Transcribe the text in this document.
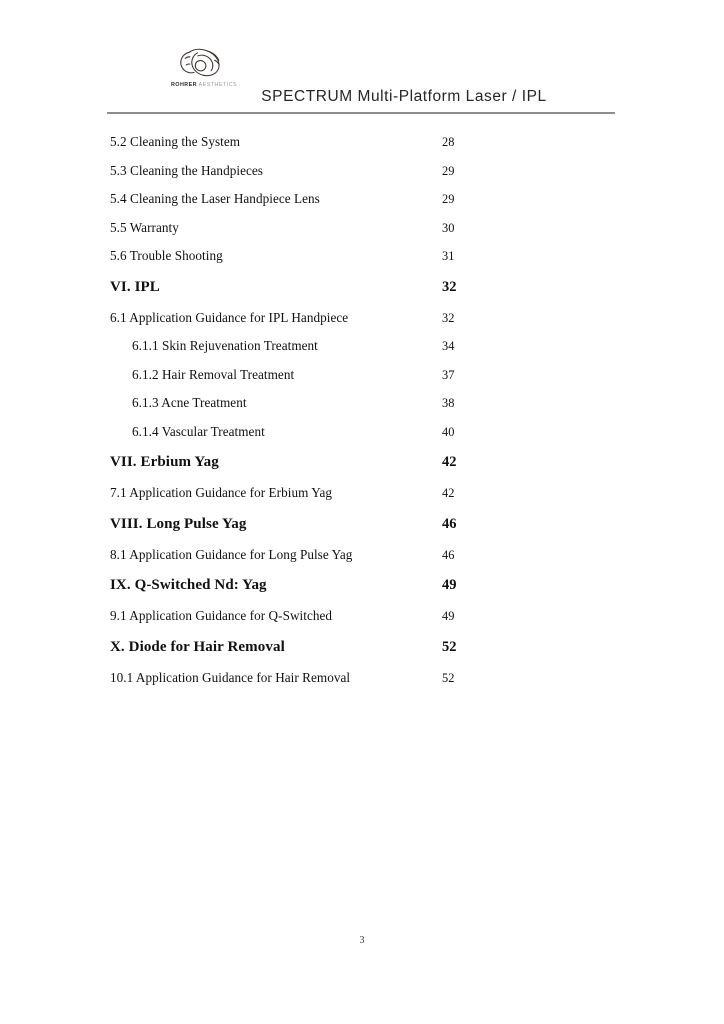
ROHRER AESTHETICS
SPECTRUM Multi-Platform Laser / IPL
5.2 Cleaning the System	28
5.3 Cleaning the Handpieces	29
5.4 Cleaning the Laser Handpiece Lens	29
5.5 Warranty	30
5.6 Trouble Shooting	31
VI. IPL	32
6.1 Application Guidance for IPL Handpiece	32
6.1.1 Skin Rejuvenation Treatment	34
6.1.2 Hair Removal Treatment	37
6.1.3 Acne Treatment	38
6.1.4 Vascular Treatment	40
VII. Erbium Yag	42
7.1 Application Guidance for Erbium Yag	42
VIII. Long Pulse Yag	46
8.1 Application Guidance for Long Pulse Yag	46
IX. Q-Switched Nd: Yag	49
9.1 Application Guidance for Q-Switched	49
X. Diode for Hair Removal	52
10.1 Application Guidance for Hair Removal	52
3
